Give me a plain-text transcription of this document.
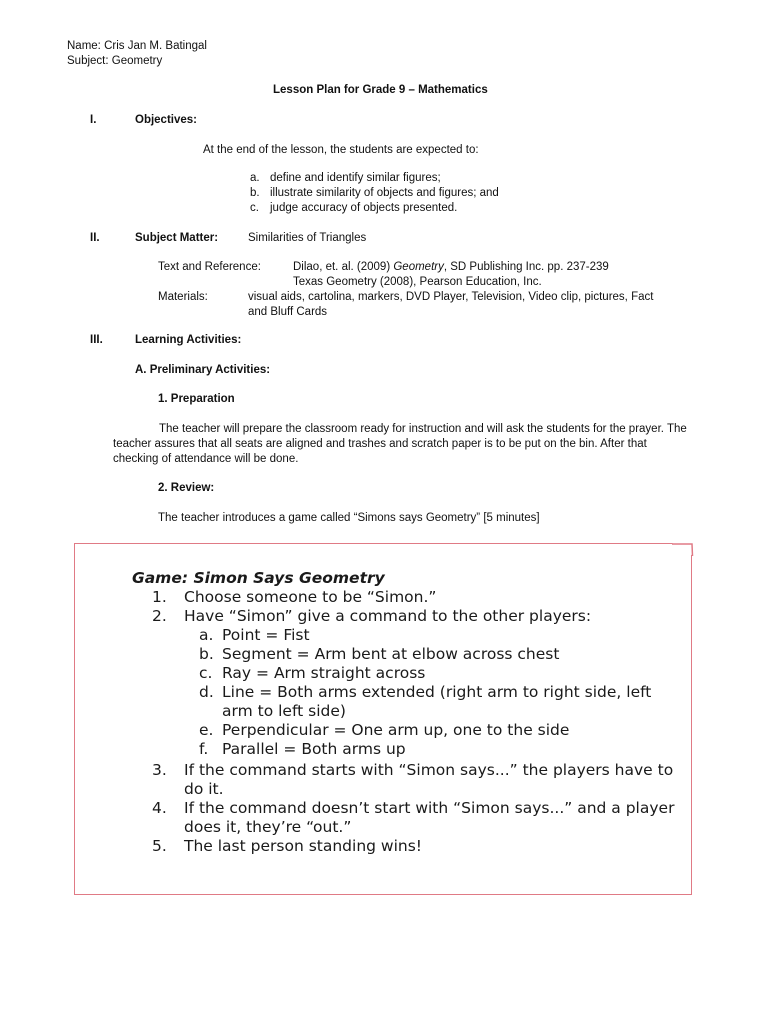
Name: Cris Jan M. Batingal
Subject: Geometry
Lesson Plan for Grade 9 – Mathematics
I.	Objectives:
At the end of the lesson, the students are expected to:
a. define and identify similar figures;
b. illustrate similarity of objects and figures; and
c. judge accuracy of objects presented.
II.	Subject Matter:	Similarities of Triangles
Text and Reference:	Dilao, et. al. (2009) Geometry, SD Publishing Inc. pp. 237-239
Texas Geometry (2008), Pearson Education, Inc.
Materials:	visual aids, cartolina, markers, DVD Player, Television, Video clip, pictures, Fact
and Bluff Cards
III.	Learning Activities:
A. Preliminary Activities:
1. Preparation
The teacher will prepare the classroom ready for instruction and will ask the students for the prayer. The teacher assures that all seats are aligned and trashes and scratch paper is to be put on the bin. After that checking of attendance will be done.
2. Review:
The teacher introduces a game called “Simons says Geometry” [5 minutes]
Game: Simon Says Geometry
1. Choose someone to be “Simon.”
2. Have “Simon” give a command to the other players:
a. Point = Fist
b. Segment = Arm bent at elbow across chest
c. Ray = Arm straight across
d. Line = Both arms extended (right arm to right side, left
arm to left side)
e. Perpendicular = One arm up, one to the side
f. Parallel = Both arms up
3. If the command starts with “Simon says...” the players have to
do it.
4. If the command doesn’t start with “Simon says...” and a player
does it, they’re “out.”
5. The last person standing wins!
